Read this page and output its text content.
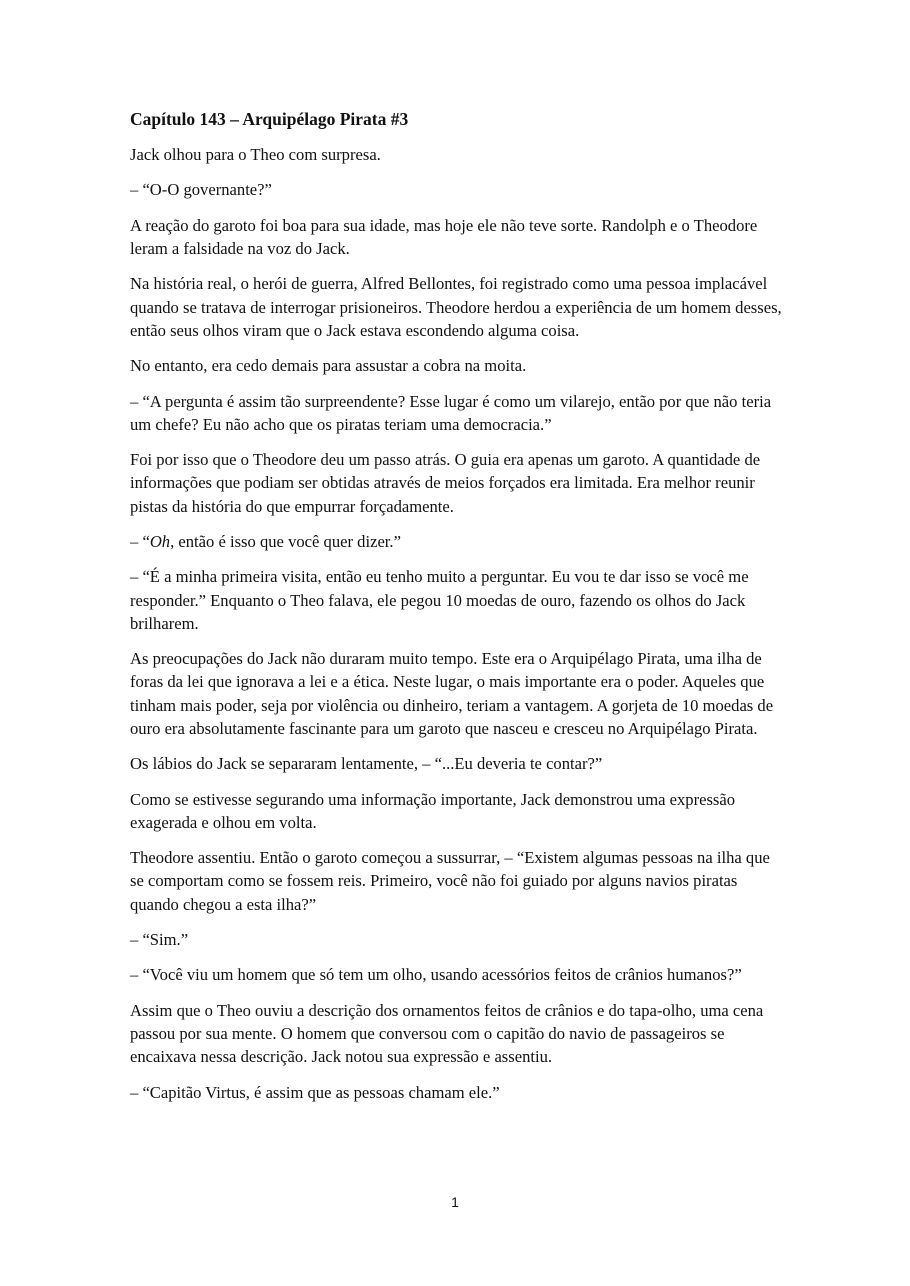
Capítulo 143 – Arquipélago Pirata #3

Jack olhou para o Theo com surpresa.

– “O-O governante?”

A reação do garoto foi boa para sua idade, mas hoje ele não teve sorte. Randolph e o Theodore leram a falsidade na voz do Jack.

Na história real, o herói de guerra, Alfred Bellontes, foi registrado como uma pessoa implacável quando se tratava de interrogar prisioneiros. Theodore herdou a experiência de um homem desses, então seus olhos viram que o Jack estava escondendo alguma coisa.

No entanto, era cedo demais para assustar a cobra na moita.

– “A pergunta é assim tão surpreendente? Esse lugar é como um vilarejo, então por que não teria um chefe? Eu não acho que os piratas teriam uma democracia.”

Foi por isso que o Theodore deu um passo atrás. O guia era apenas um garoto. A quantidade de informações que podiam ser obtidas através de meios forçados era limitada. Era melhor reunir pistas da história do que empurrar forçadamente.

– “Oh, então é isso que você quer dizer.”

– “É a minha primeira visita, então eu tenho muito a perguntar. Eu vou te dar isso se você me responder.” Enquanto o Theo falava, ele pegou 10 moedas de ouro, fazendo os olhos do Jack brilharem.

As preocupações do Jack não duraram muito tempo. Este era o Arquipélago Pirata, uma ilha de foras da lei que ignorava a lei e a ética. Neste lugar, o mais importante era o poder. Aqueles que tinham mais poder, seja por violência ou dinheiro, teriam a vantagem. A gorjeta de 10 moedas de ouro era absolutamente fascinante para um garoto que nasceu e cresceu no Arquipélago Pirata.

Os lábios do Jack se separaram lentamente, – “...Eu deveria te contar?”

Como se estivesse segurando uma informação importante, Jack demonstrou uma expressão exagerada e olhou em volta.

Theodore assentiu. Então o garoto começou a sussurrar, – “Existem algumas pessoas na ilha que se comportam como se fossem reis. Primeiro, você não foi guiado por alguns navios piratas quando chegou a esta ilha?”

– “Sim.”

– “Você viu um homem que só tem um olho, usando acessórios feitos de crânios humanos?”

Assim que o Theo ouviu a descrição dos ornamentos feitos de crânios e do tapa-olho, uma cena passou por sua mente. O homem que conversou com o capitão do navio de passageiros se encaixava nessa descrição. Jack notou sua expressão e assentiu.

– “Capitão Virtus, é assim que as pessoas chamam ele.”

1
